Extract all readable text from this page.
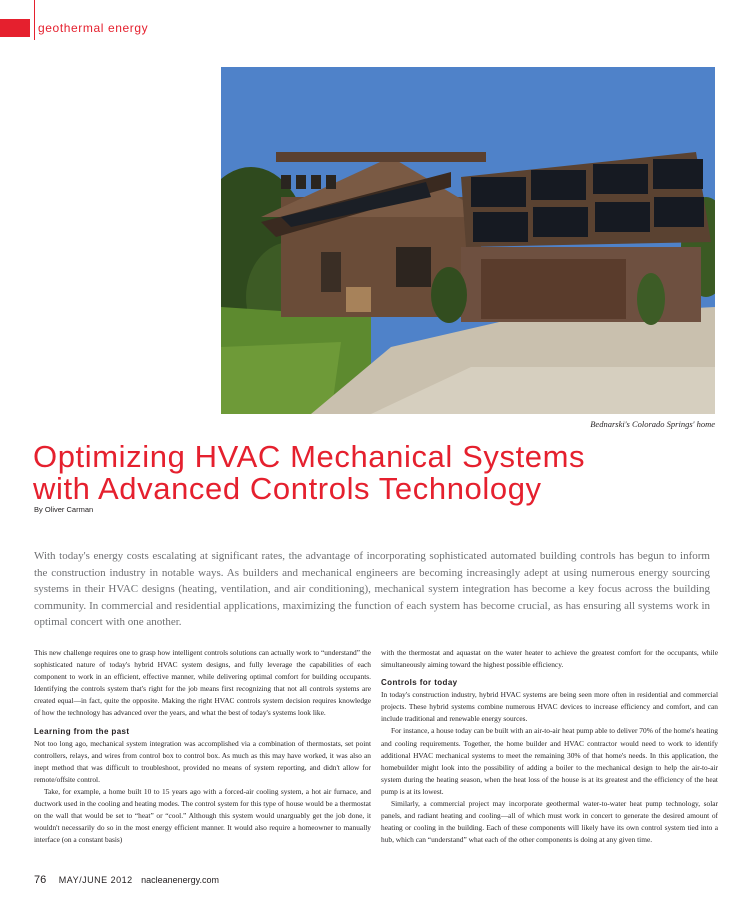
geothermal energy
Bednarski's Colorado Springs' home
Optimizing HVAC Mechanical Systems
with Advanced Controls Technology
By Oliver Carman

With today's energy costs escalating at significant rates, the advantage of incorporating sophisticated automated building controls has begun to inform the construction industry in notable ways. As builders and mechanical engineers are becoming increasingly adept at using numerous energy sourcing systems in their HVAC designs (heating, ventilation, and air conditioning), mechanical system integration has become a key focus across the building community. In commercial and residential applications, maximizing the function of each system has become crucial, as has ensuring all systems work in optimal concert with one another.

This new challenge requires one to grasp how intelligent controls solutions can actually work to “understand” the sophisticated nature of today's hybrid HVAC system designs, and fully leverage the capabilities of each component to work in an efficient, effective manner, while delivering optimal comfort for building occupants. Identifying the controls system that's right for the job means first recognizing that not all controls systems are created equal—in fact, quite the opposite. Making the right HVAC controls system decision requires knowledge of how the technology has advanced over the years, and what the best of today's systems look like.

Learning from the past

Not too long ago, mechanical system integration was accomplished via a combination of thermostats, set point controllers, relays, and wires from control box to control box. As much as this may have worked, it was also an inept method that was difficult to troubleshoot, provided no means of system reporting, and didn't allow for remote/offsite control.

Take, for example, a home built 10 to 15 years ago with a forced-air cooling system, a hot air furnace, and ductwork used in the cooling and heating modes. The control system for this type of house would be a thermostat on the wall that would be set to “heat” or “cool.” Although this system would unarguably get the job done, it wouldn't necessarily do so in the most energy efficient manner. It would also require a homeowner to manually interface (on a constant basis)

with the thermostat and aquastat on the water heater to achieve the greatest comfort for the occupants, while simultaneously aiming toward the highest possible efficiency.

Controls for today

In today's construction industry, hybrid HVAC systems are being seen more often in residential and commercial projects. These hybrid systems combine numerous HVAC devices to increase efficiency and comfort, and can include traditional and renewable energy sources.

For instance, a house today can be built with an air-to-air heat pump able to deliver 70% of the home's heating and cooling requirements. Together, the home builder and HVAC contractor would need to work to identify additional HVAC mechanical systems to meet the remaining 30% of that home's needs. In this application, the homebuilder might look into the possibility of adding a boiler to the mechanical design to help the air-to-air system during the heating season, when the heat loss of the house is at its greatest and the efficiency of the heat pump is at its lowest.

Similarly, a commercial project may incorporate geothermal water-to-water heat pump technology, solar panels, and radiant heating and cooling—all of which must work in concert to generate the desired amount of heating or cooling in the building. Each of these components will likely have its own control system tied into a hub, which can “understand” what each of the other components is doing at any given time.

76 MAY/JUNE 2012 nacleanenergy.com
